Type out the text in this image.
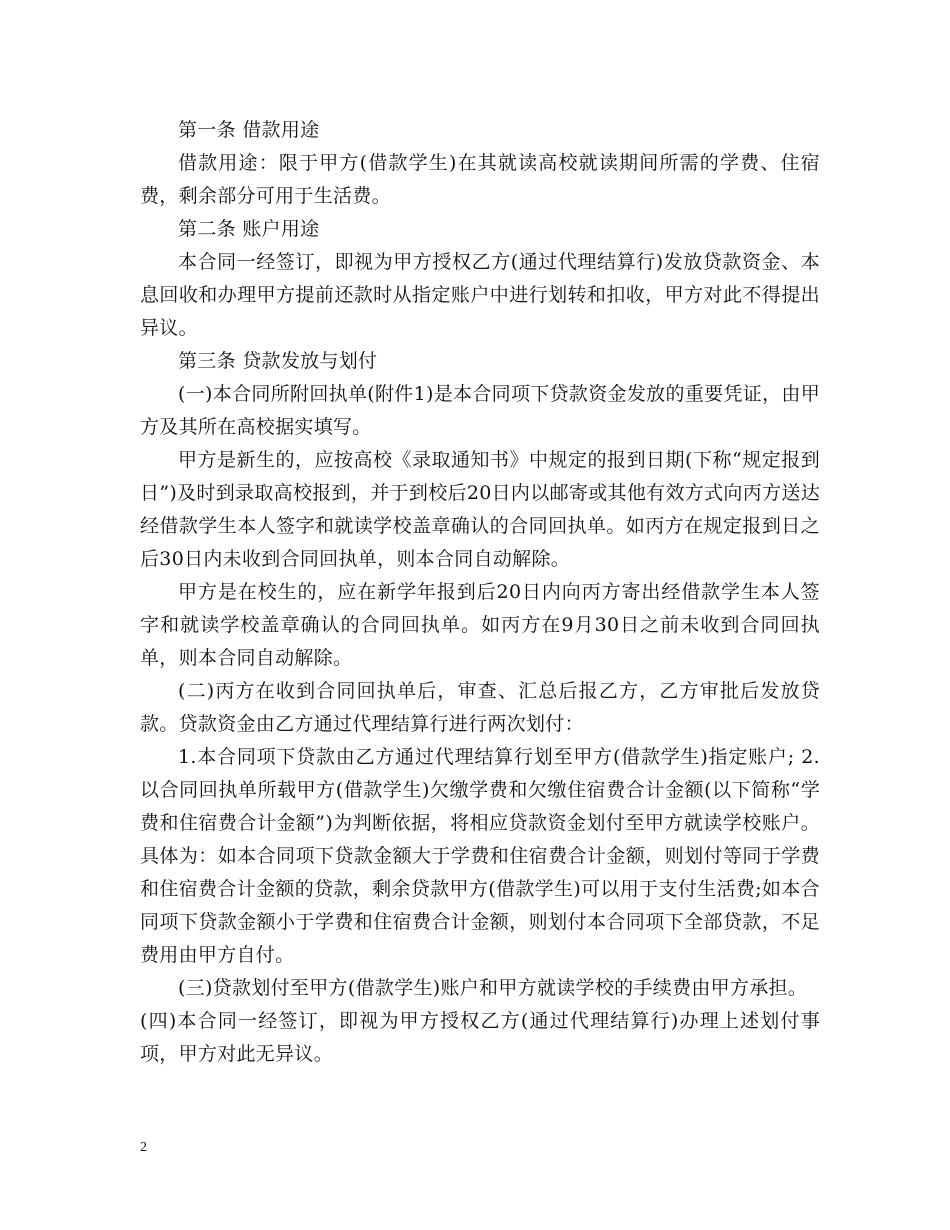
第一条 借款用途

借款用途：限于甲方(借款学生)在其就读高校就读期间所需的学费、住宿费，剩余部分可用于生活费。

第二条 账户用途

本合同一经签订，即视为甲方授权乙方(通过代理结算行)发放贷款资金、本息回收和办理甲方提前还款时从指定账户中进行划转和扣收，甲方对此不得提出异议。

第三条 贷款发放与划付

(一)本合同所附回执单(附件1)是本合同项下贷款资金发放的重要凭证，由甲方及其所在高校据实填写。

甲方是新生的，应按高校《录取通知书》中规定的报到日期(下称“规定报到日”)及时到录取高校报到，并于到校后20日内以邮寄或其他有效方式向丙方送达经借款学生本人签字和就读学校盖章确认的合同回执单。如丙方在规定报到日之后30日内未收到合同回执单，则本合同自动解除。

甲方是在校生的，应在新学年报到后20日内向丙方寄出经借款学生本人签字和就读学校盖章确认的合同回执单。如丙方在9月30日之前未收到合同回执单，则本合同自动解除。

(二)丙方在收到合同回执单后，审查、汇总后报乙方，乙方审批后发放贷款。贷款资金由乙方通过代理结算行进行两次划付：

1.本合同项下贷款由乙方通过代理结算行划至甲方(借款学生)指定账户; 2.以合同回执单所载甲方(借款学生)欠缴学费和欠缴住宿费合计金额(以下简称“学费和住宿费合计金额”)为判断依据，将相应贷款资金划付至甲方就读学校账户。具体为：如本合同项下贷款金额大于学费和住宿费合计金额，则划付等同于学费和住宿费合计金额的贷款，剩余贷款甲方(借款学生)可以用于支付生活费;如本合同项下贷款金额小于学费和住宿费合计金额，则划付本合同项下全部贷款，不足费用由甲方自付。

(三)贷款划付至甲方(借款学生)账户和甲方就读学校的手续费由甲方承担。

(四)本合同一经签订，即视为甲方授权乙方(通过代理结算行)办理上述划付事项，甲方对此无异议。

2
